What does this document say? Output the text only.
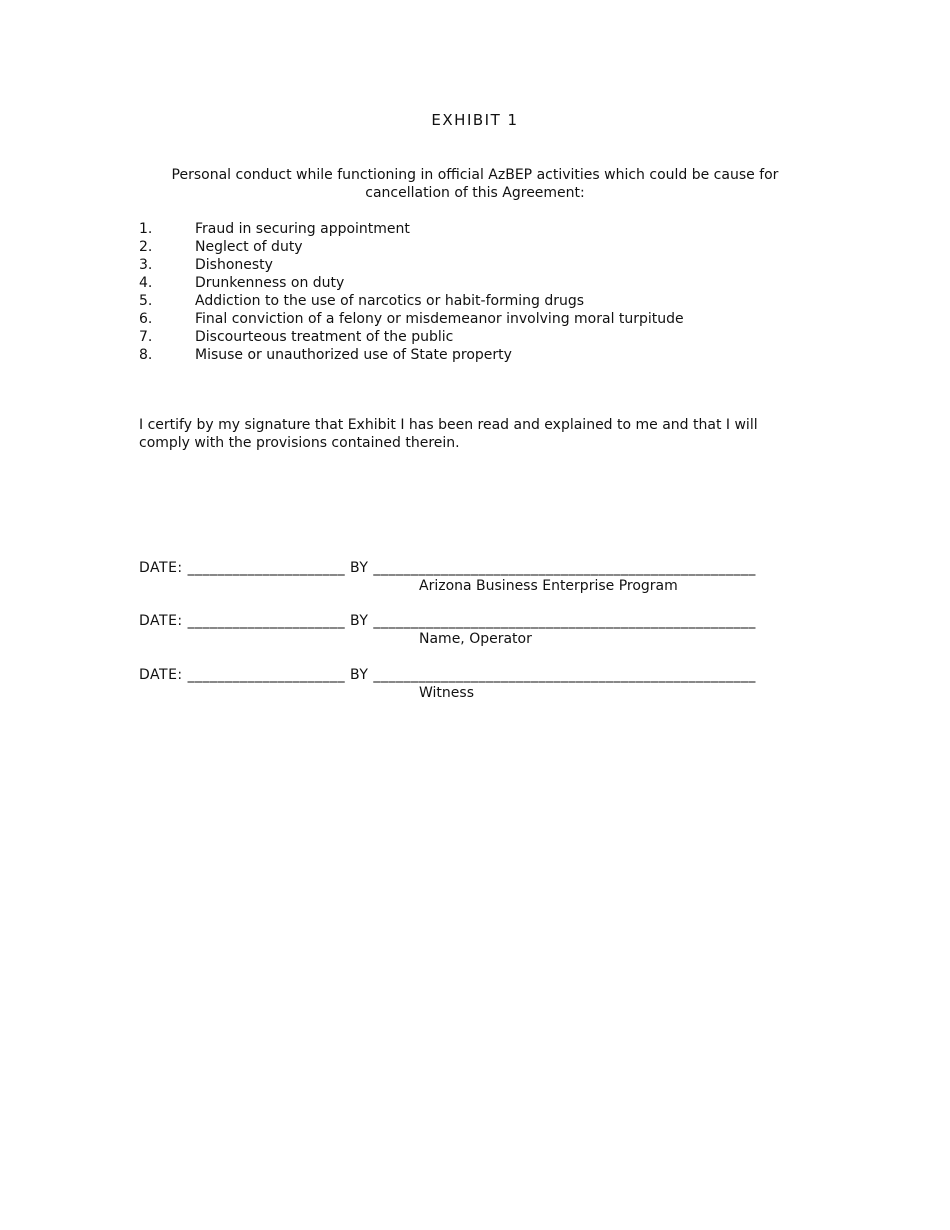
EXHIBIT 1
Personal conduct while functioning in official AzBEP activities which could be cause for cancellation of this Agreement:
1.	Fraud in securing appointment
2.	Neglect of duty
3.	Dishonesty
4.	Drunkenness on duty
5.	Addiction to the use of narcotics or habit-forming drugs
6.	Final conviction of a felony or misdemeanor involving moral turpitude
7.	Discourteous treatment of the public
8.	Misuse or unauthorized use of State property
I certify by my signature that Exhibit I has been read and explained to me and that I will comply with the provisions contained therein.
DATE: _____________________ BY ___________________________________________________
Arizona Business Enterprise Program
DATE: _____________________ BY ___________________________________________________
Name, Operator
DATE: _____________________ BY ___________________________________________________
Witness
